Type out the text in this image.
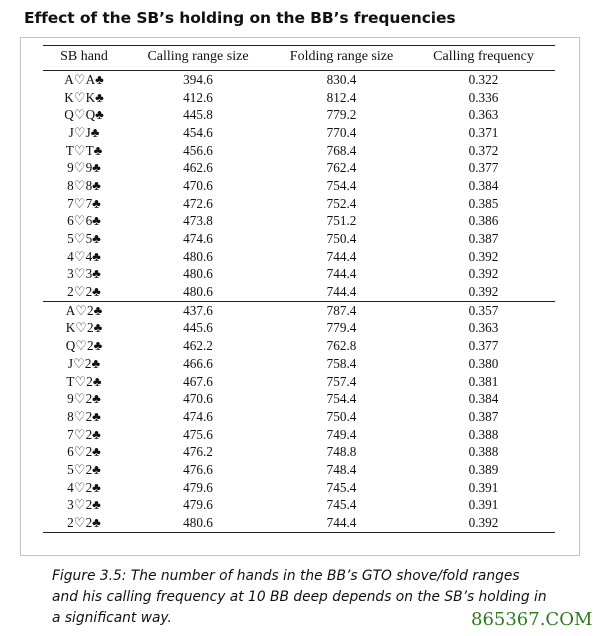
Effect of the SB’s holding on the BB’s frequencies
SB hand	Calling range size	Folding range size	Calling frequency
A♡A♣	394.6	830.4	0.322
K♡K♣	412.6	812.4	0.336
Q♡Q♣	445.8	779.2	0.363
J♡J♣	454.6	770.4	0.371
T♡T♣	456.6	768.4	0.372
9♡9♣	462.6	762.4	0.377
8♡8♣	470.6	754.4	0.384
7♡7♣	472.6	752.4	0.385
6♡6♣	473.8	751.2	0.386
5♡5♣	474.6	750.4	0.387
4♡4♣	480.6	744.4	0.392
3♡3♣	480.6	744.4	0.392
2♡2♣	480.6	744.4	0.392
A♡2♣	437.6	787.4	0.357
K♡2♣	445.6	779.4	0.363
Q♡2♣	462.2	762.8	0.377
J♡2♣	466.6	758.4	0.380
T♡2♣	467.6	757.4	0.381
9♡2♣	470.6	754.4	0.384
8♡2♣	474.6	750.4	0.387
7♡2♣	475.6	749.4	0.388
6♡2♣	476.2	748.8	0.388
5♡2♣	476.6	748.4	0.389
4♡2♣	479.6	745.4	0.391
3♡2♣	479.6	745.4	0.391
2♡2♣	480.6	744.4	0.392
Figure 3.5: The number of hands in the BB’s GTO shove/fold ranges
and his calling frequency at 10 BB deep depends on the SB’s holding in
a significant way.	865367.COM
